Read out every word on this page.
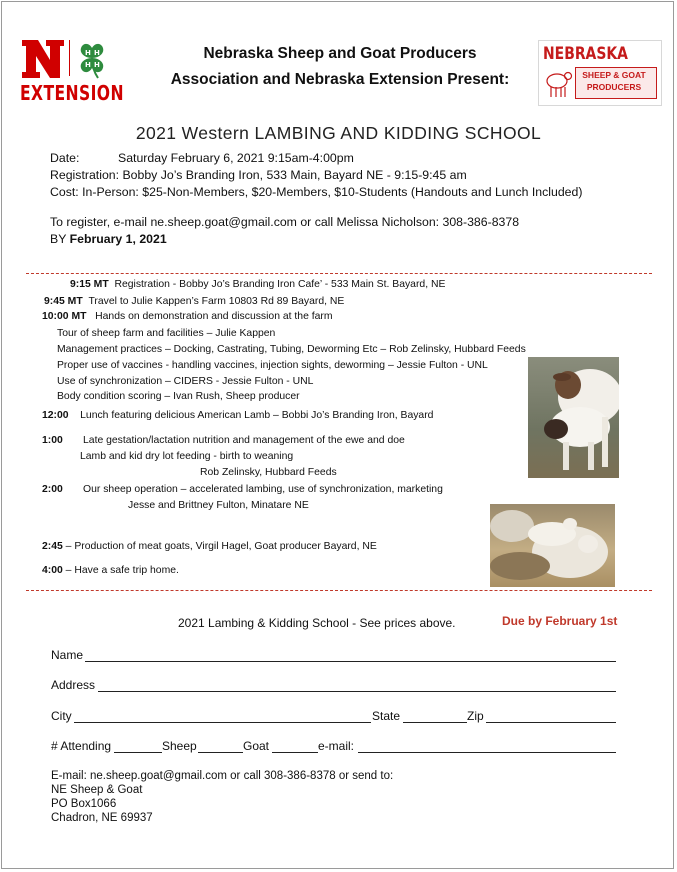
H H
H H
EXTENSION
Nebraska Sheep and Goat Producers
Association and Nebraska Extension Present:
NEBRASKA
SHEEP & GOAT
PRODUCERS
2021 Western LAMBING AND KIDDING SCHOOL
Date:	Saturday February 6, 2021 9:15am-4:00pm
Registration: Bobby Jo’s Branding Iron, 533 Main, Bayard NE - 9:15-9:45 am
Cost: In-Person: $25-Non-Members, $20-Members, $10-Students (Handouts and Lunch Included)
To register, e-mail ne.sheep.goat@gmail.com or call Melissa Nicholson: 308-386-8378
BY February 1, 2021
9:15 MT Registration - Bobby Jo’s Branding Iron Cafe’ - 533 Main St. Bayard, NE
9:45 MT Travel to Julie Kappen’s Farm 10803 Rd 89 Bayard, NE
10:00 MT Hands on demonstration and discussion at the farm
Tour of sheep farm and facilities – Julie Kappen
Management practices – Docking, Castrating, Tubing, Deworming Etc – Rob Zelinsky, Hubbard Feeds
Proper use of vaccines - handling vaccines, injection sights, deworming – Jessie Fulton - UNL
Use of synchronization – CIDERS - Jessie Fulton - UNL
Body condition scoring – Ivan Rush, Sheep producer
12:00 Lunch featuring delicious American Lamb – Bobbi Jo’s Branding Iron, Bayard
1:00 Late gestation/lactation nutrition and management of the ewe and doe
Lamb and kid dry lot feeding - birth to weaning
Rob Zelinsky, Hubbard Feeds
2:00 Our sheep operation – accelerated lambing, use of synchronization, marketing
Jesse and Brittney Fulton, Minatare NE
2:45 – Production of meat goats, Virgil Hagel, Goat producer Bayard, NE
4:00 – Have a safe trip home.
2021 Lambing & Kidding School - See prices above.	Due by February 1st
Name
Address
City	State	Zip
# Attending	Sheep	Goat	e-mail:
E-mail: ne.sheep.goat@gmail.com or call 308-386-8378 or send to:
NE Sheep & Goat
PO Box1066
Chadron, NE 69937
